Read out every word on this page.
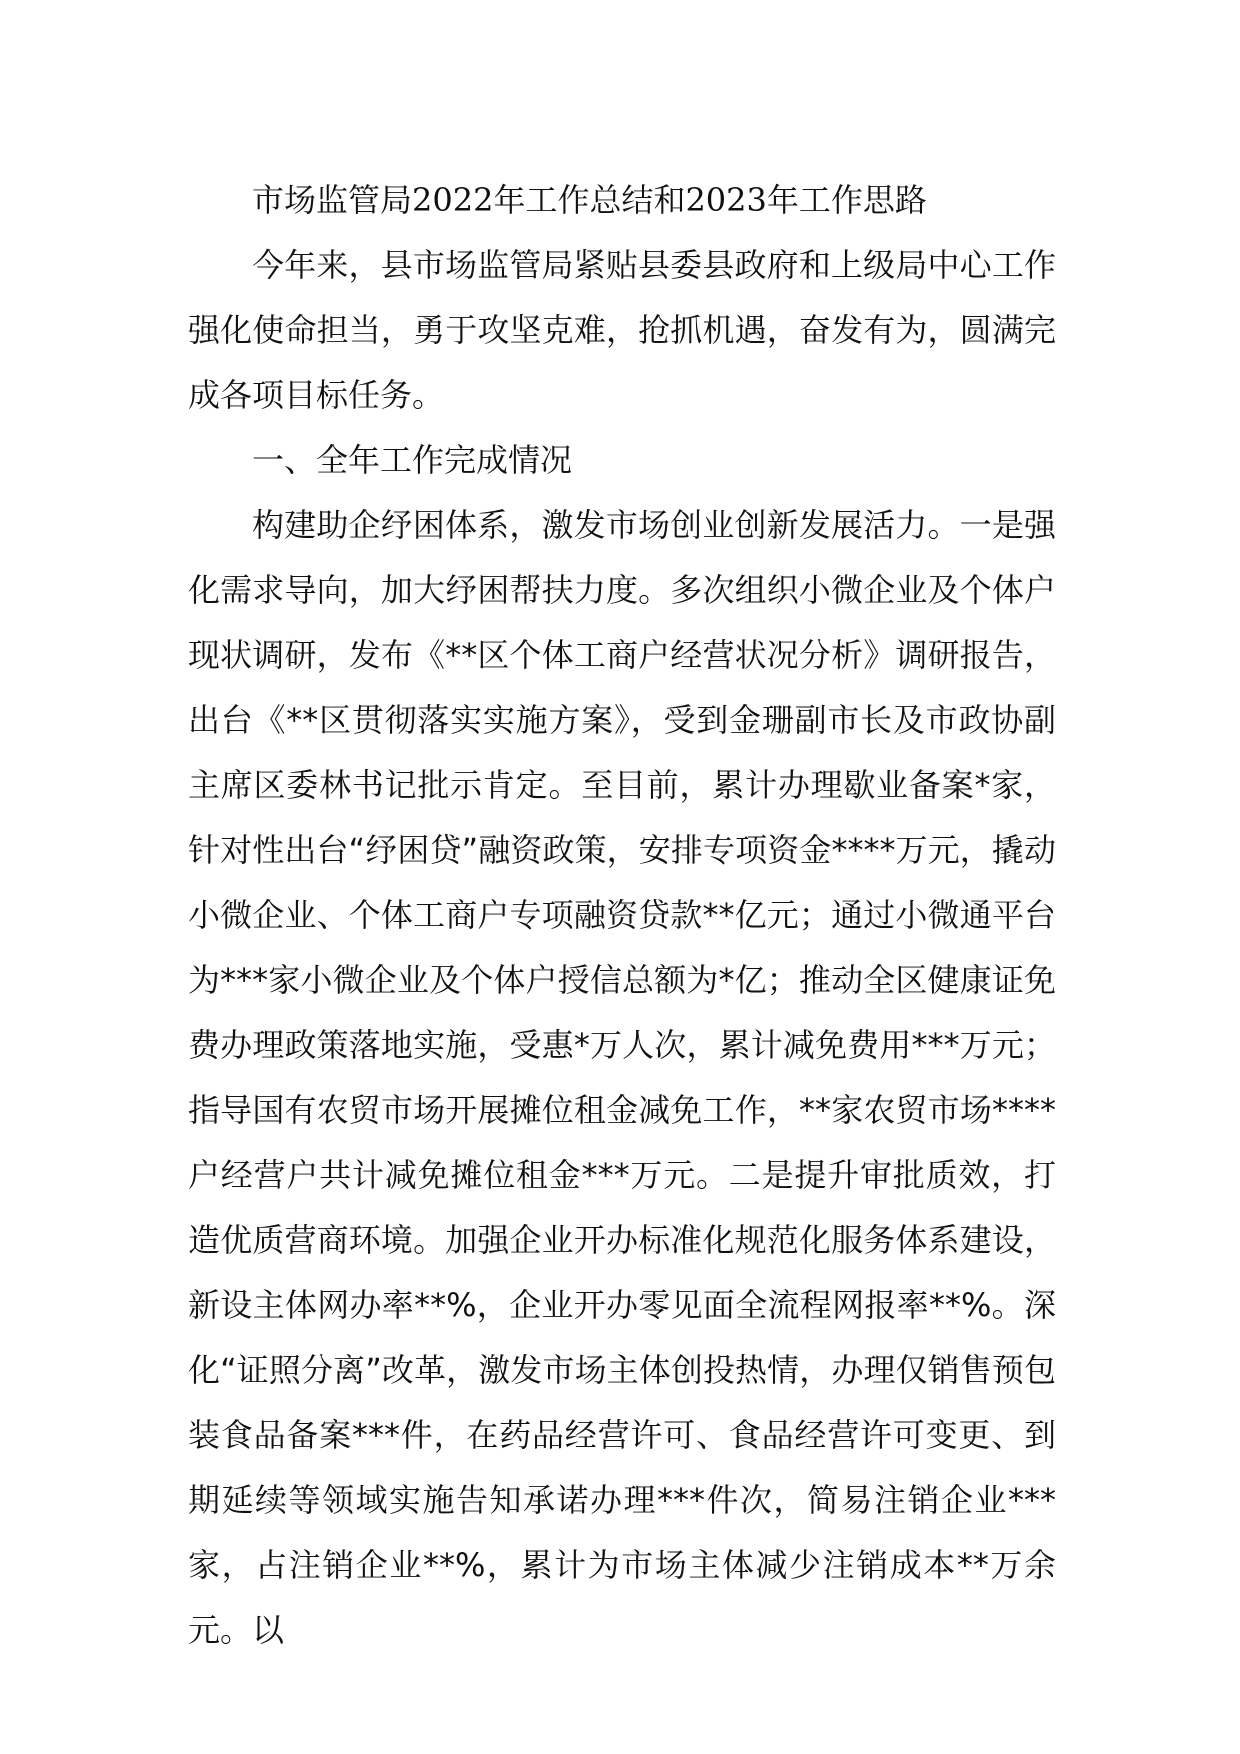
市场监管局2022年工作总结和2023年工作思路

今年来，县市场监管局紧贴县委县政府和上级局中心工作强化使命担当，勇于攻坚克难，抢抓机遇，奋发有为，圆满完成各项目标任务。

一、全年工作完成情况

构建助企纾困体系，激发市场创业创新发展活力。一是强化需求导向，加大纾困帮扶力度。多次组织小微企业及个体户现状调研，发布《**区个体工商户经营状况分析》调研报告，出台《**区贯彻落实实施方案》，受到金珊副市长及市政协副主席区委林书记批示肯定。至目前，累计办理歇业备案*家，针对性出台“纾困贷”融资政策，安排专项资金****万元，撬动小微企业、个体工商户专项融资贷款**亿元；通过小微通平台为***家小微企业及个体户授信总额为*亿；推动全区健康证免费办理政策落地实施，受惠*万人次，累计减免费用***万元；指导国有农贸市场开展摊位租金减免工作，**家农贸市场****户经营户共计减免摊位租金***万元。二是提升审批质效，打造优质营商环境。加强企业开办标准化规范化服务体系建设，新设主体网办率**%，企业开办零见面全流程网报率**%。深化“证照分离”改革，激发市场主体创投热情，办理仅销售预包装食品备案***件，在药品经营许可、食品经营许可变更、到期延续等领域实施告知承诺办理***件次，简易注销企业***家，占注销企业**%，累计为市场主体减少注销成本**万余元。以
